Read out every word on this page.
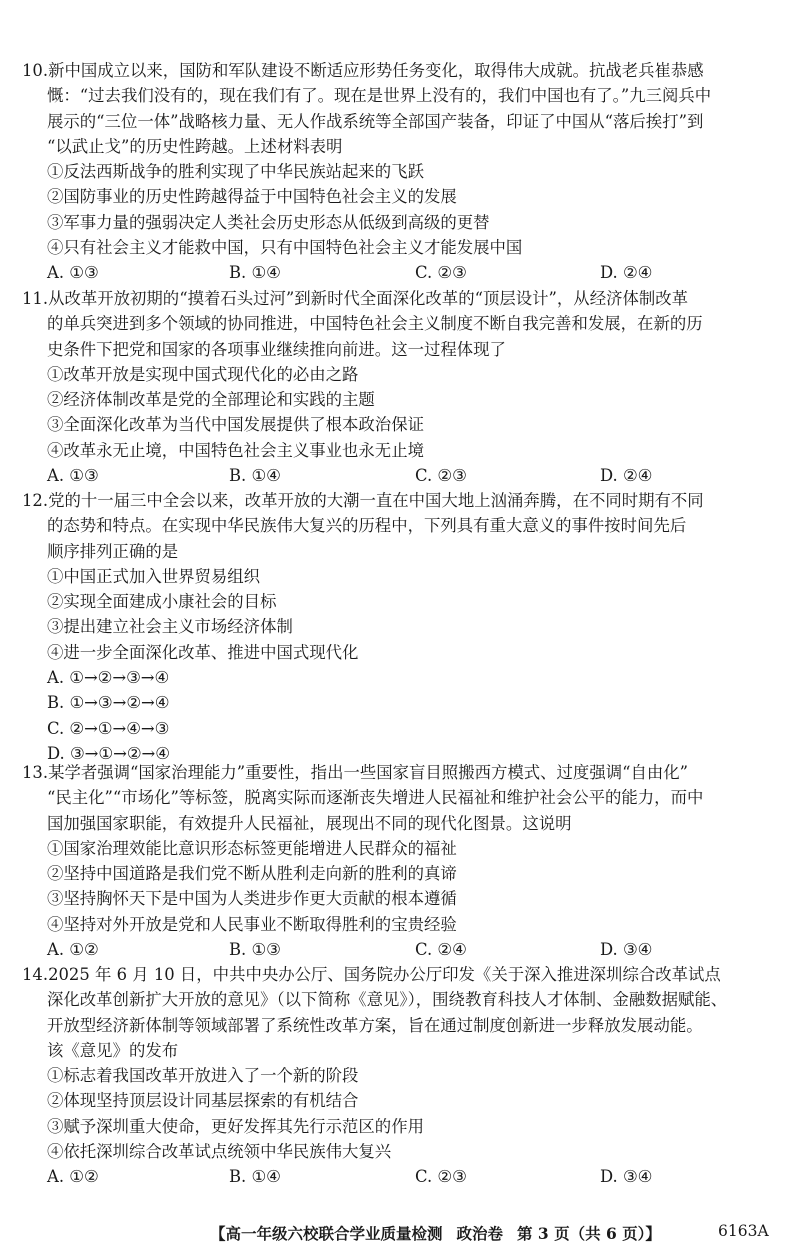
10.新中国成立以来，国防和军队建设不断适应形势任务变化，取得伟大成就。抗战老兵崔恭感
慨：“过去我们没有的，现在我们有了。现在是世界上没有的，我们中国也有了。”九三阅兵中
展示的“三位一体”战略核力量、无人作战系统等全部国产装备，印证了中国从“落后挨打”到
“以武止戈”的历史性跨越。上述材料表明
①反法西斯战争的胜利实现了中华民族站起来的飞跃
②国防事业的历史性跨越得益于中国特色社会主义的发展
③军事力量的强弱决定人类社会历史形态从低级到高级的更替
④只有社会主义才能救中国，只有中国特色社会主义才能发展中国
A. ①③	B. ①④	C. ②③	D. ②④
11.从改革开放初期的“摸着石头过河”到新时代全面深化改革的“顶层设计”，从经济体制改革
的单兵突进到多个领域的协同推进，中国特色社会主义制度不断自我完善和发展，在新的历
史条件下把党和国家的各项事业继续推向前进。这一过程体现了
①改革开放是实现中国式现代化的必由之路
②经济体制改革是党的全部理论和实践的主题
③全面深化改革为当代中国发展提供了根本政治保证
④改革永无止境，中国特色社会主义事业也永无止境
A. ①③	B. ①④	C. ②③	D. ②④
12.党的十一届三中全会以来，改革开放的大潮一直在中国大地上汹涌奔腾，在不同时期有不同
的态势和特点。在实现中华民族伟大复兴的历程中，下列具有重大意义的事件按时间先后
顺序排列正确的是
①中国正式加入世界贸易组织
②实现全面建成小康社会的目标
③提出建立社会主义市场经济体制
④进一步全面深化改革、推进中国式现代化
A. ①→②→③→④
B. ①→③→②→④
C. ②→①→④→③
D. ③→①→②→④
13.某学者强调“国家治理能力”重要性，指出一些国家盲目照搬西方模式、过度强调“自由化”
“民主化”“市场化”等标签，脱离实际而逐渐丧失增进人民福祉和维护社会公平的能力，而中
国加强国家职能，有效提升人民福祉，展现出不同的现代化图景。这说明
①国家治理效能比意识形态标签更能增进人民群众的福祉
②坚持中国道路是我们党不断从胜利走向新的胜利的真谛
③坚持胸怀天下是中国为人类进步作更大贡献的根本遵循
④坚持对外开放是党和人民事业不断取得胜利的宝贵经验
A. ①②	B. ①③	C. ②④	D. ③④
14.2025 年 6 月 10 日，中共中央办公厅、国务院办公厅印发《关于深入推进深圳综合改革试点
深化改革创新扩大开放的意见》（以下简称《意见》），围绕教育科技人才体制、金融数据赋能、
开放型经济新体制等领域部署了系统性改革方案，旨在通过制度创新进一步释放发展动能。
该《意见》的发布
①标志着我国改革开放进入了一个新的阶段
②体现坚持顶层设计同基层探索的有机结合
③赋予深圳重大使命，更好发挥其先行示范区的作用
④依托深圳综合改革试点统领中华民族伟大复兴
A. ①②	B. ①④	C. ②③	D. ③④
【高一年级六校联合学业质量检测 政治卷 第 3 页（共 6 页）】	6163A
